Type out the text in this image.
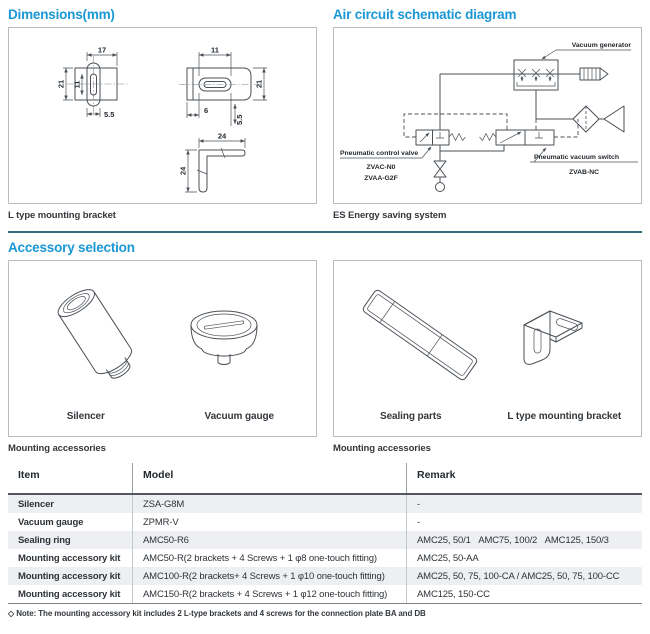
Dimensions(mm)
17
21 11
5.5
11
21
6
5.5
24
24
L type mounting bracket
Air circuit schematic diagram
Vacuum generator
Pneumatic control valve
ZVAC-N0
ZVAA-G2F
Pneumatic vacuum switch
ZVAB-NC
ES Energy saving system
Accessory selection
Silencer	Vacuum gauge
Mounting accessories
Sealing parts	L type mounting bracket
Mounting accessories
Item	Model	Remark
Silencer	ZSA-G8M	-
Vacuum gauge	ZPMR-V	-
Sealing ring	AMC50-R6	AMC25, 50/1   AMC75, 100/2   AMC125, 150/3
Mounting accessory kit	AMC50-R(2 brackets + 4 Screws + 1 φ8 one-touch fitting)	AMC25, 50-AA
Mounting accessory kit	AMC100-R(2 brackets+ 4 Screws + 1 φ10 one-touch fitting)	AMC25, 50, 75, 100-CA / AMC25, 50, 75, 100-CC
Mounting accessory kit	AMC150-R(2 brackets + 4 Screws + 1 φ12 one-touch fitting)	AMC125, 150-CC
◇ Note: The mounting accessory kit includes 2 L-type brackets and 4 screws for the connection plate BA and DB
